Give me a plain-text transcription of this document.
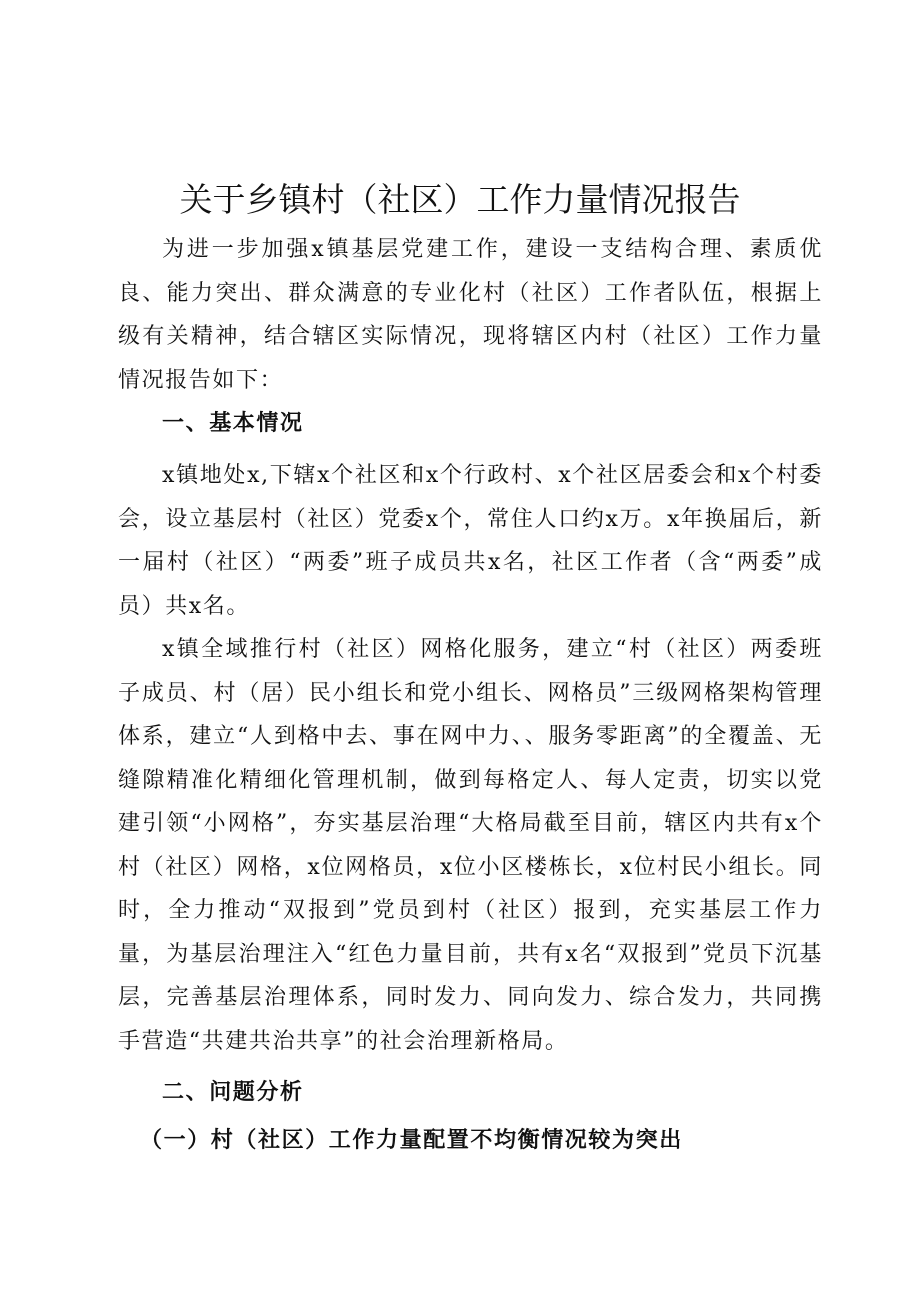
关于乡镇村（社区）工作力量情况报告

为进一步加强x镇基层党建工作，建设一支结构合理、素质优良、能力突出、群众满意的专业化村（社区）工作者队伍，根据上级有关精神，结合辖区实际情况，现将辖区内村（社区）工作力量情况报告如下：

一、基本情况

x镇地处x,下辖x个社区和x个行政村、x个社区居委会和x个村委会，设立基层村（社区）党委x个，常住人口约x万。x年换届后，新一届村（社区）“两委”班子成员共x名，社区工作者（含“两委”成员）共x名。

x镇全域推行村（社区）网格化服务，建立“村（社区）两委班子成员、村（居）民小组长和党小组长、网格员”三级网格架构管理体系，建立“人到格中去、事在网中力、、服务零距离”的全覆盖、无缝隙精准化精细化管理机制，做到每格定人、每人定责，切实以党建引领“小网格”，夯实基层治理“大格局截至目前，辖区内共有x个村（社区）网格，x位网格员，x位小区楼栋长，x位村民小组长。同时，全力推动“双报到”党员到村（社区）报到，充实基层工作力量，为基层治理注入“红色力量目前，共有x名“双报到”党员下沉基层，完善基层治理体系，同时发力、同向发力、综合发力，共同携手营造“共建共治共享”的社会治理新格局。

二、问题分析

（一）村（社区）工作力量配置不均衡情况较为突出
